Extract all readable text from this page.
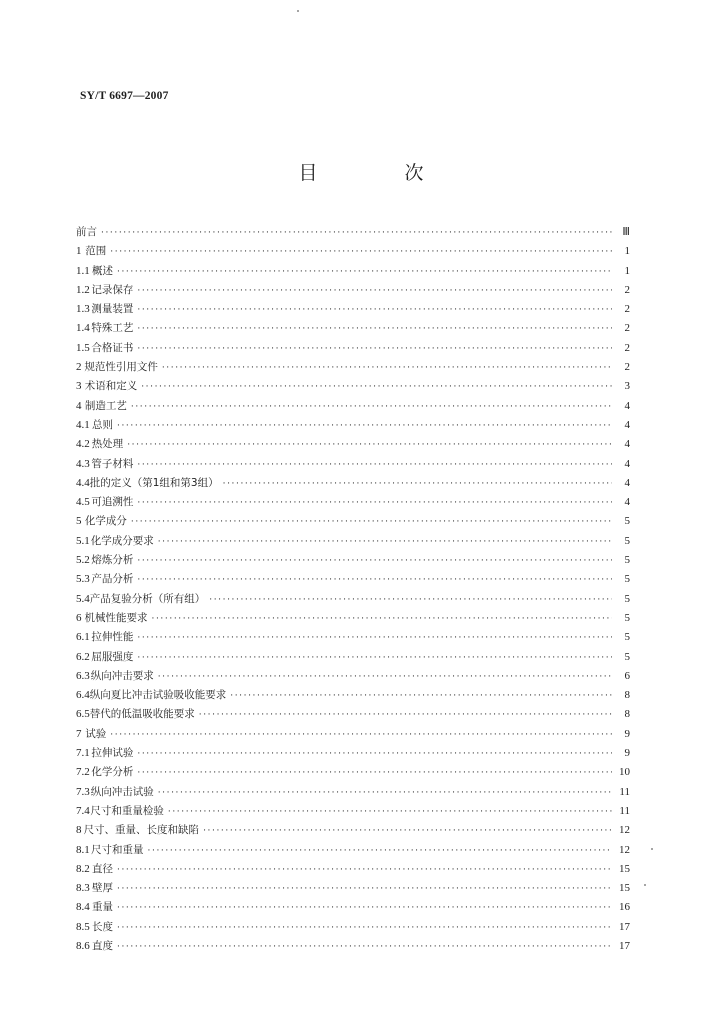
SY/T 6697—2007
目　次
前言 ·····	Ⅲ
1 范围 ·····	1
1.1 概述 ·····	1
1.2 记录保存 ·····	2
1.3 测量装置 ·····	2
1.4 特殊工艺 ·····	2
1.5 合格证书 ·····	2
2 规范性引用文件 ·····	2
3 术语和定义 ·····	3
4 制造工艺 ·····	4
4.1 总则 ·····	4
4.2 热处理 ·····	4
4.3 管子材料 ·····	4
4.4 批的定义（第1组和第3组） ·····	4
4.5 可追溯性 ·····	4
5 化学成分 ·····	5
5.1 化学成分要求 ·····	5
5.2 熔炼分析 ·····	5
5.3 产品分析 ·····	5
5.4 产品复验分析（所有组） ·····	5
6 机械性能要求 ·····	5
6.1 拉伸性能 ·····	5
6.2 屈服强度 ·····	5
6.3 纵向冲击要求 ·····	6
6.4 纵向夏比冲击试验吸收能要求 ·····	8
6.5 替代的低温吸收能要求 ·····	8
7 试验 ·····	9
7.1 拉伸试验 ·····	9
7.2 化学分析 ·····	10
7.3 纵向冲击试验 ·····	11
7.4 尺寸和重量检验 ·····	11
8 尺寸、重量、长度和缺陷 ·····	12
8.1 尺寸和重量 ·····	12
8.2 直径 ·····	15
8.3 壁厚 ·····	15
8.4 重量 ·····	16
8.5 长度 ·····	17
8.6 直度 ·····	17
